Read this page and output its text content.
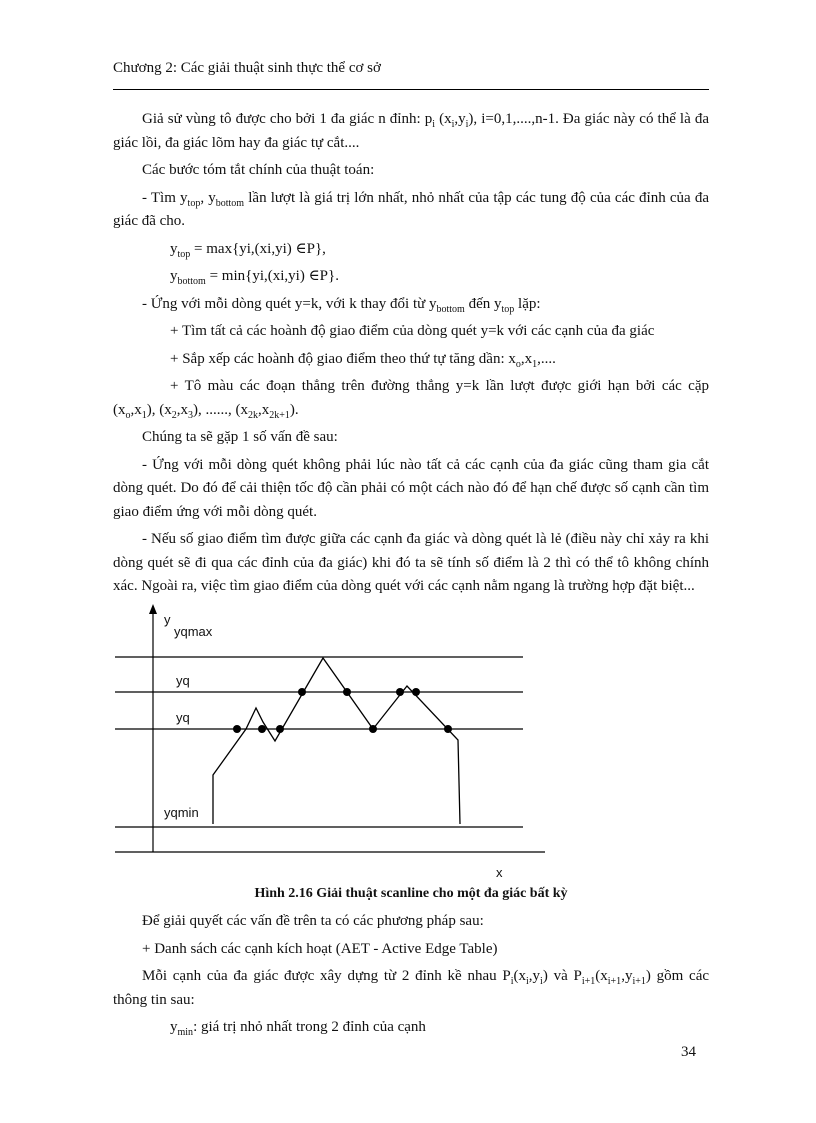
Chương 2: Các giải thuật sinh thực thể cơ sở

Giả sử vùng tô được cho bởi 1 đa giác n đỉnh: $p_i$ $(x_i,y_i)$, i=0,1,....,n-1. Đa giác này có thể là đa giác lồi, đa giác lõm hay đa giác tự cắt....

Các bước tóm tắt chính của thuật toán:

- Tìm $y_{top}$, $y_{bottom}$ lần lượt là giá trị lớn nhất, nhỏ nhất của tập các tung độ của các đỉnh của đa giác đã cho.

$y_{top} = \max\{yi,(xi,yi)$ ∈P},

$y_{bottom} = \min\{yi,(xi,yi)$ ∈P}.

- Ứng với mỗi dòng quét y=k, với k thay đổi từ $y_{bottom}$ đến $y_{top}$ lặp:

+ Tìm tất cả các hoành độ giao điểm của dòng quét y=k với các cạnh của đa giác

+ Sắp xếp các hoành độ giao điểm theo thứ tự tăng dần: $x_o,x_1$,....

+ Tô màu các đoạn thẳng trên đường thẳng y=k lần lượt được giới hạn bởi các cặp $(x_o,x_1)$, $(x_2,x_3)$, ......, $(x_{2k},x_{2k+1})$.

Chúng ta sẽ gặp 1 số vấn đề sau:

- Ứng với mỗi dòng quét không phải lúc nào tất cả các cạnh của đa giác cũng tham gia cắt dòng quét. Do đó để cải thiện tốc độ cần phải có một cách nào đó để hạn chế được số cạnh cần tìm giao điểm ứng với mỗi dòng quét.

- Nếu số giao điểm tìm được giữa các cạnh đa giác và dòng quét là lẻ (điều này chỉ xảy ra khi dòng quét sẽ đi qua các đỉnh của đa giác) khi đó ta sẽ tính số điểm là 2 thì có thể tô không chính xác. Ngoài ra, việc tìm giao điểm của dòng quét với các cạnh nằm ngang là trường hợp đặt biệt...

y
yqmax
yq
yq
yqmin
x
Hình 2.16 Giải thuật scanline cho một đa giác bất kỳ

Để giải quyết các vấn đề trên ta có các phương pháp sau:

+ Danh sách các cạnh kích hoạt (AET - Active Edge Table)

Mỗi cạnh của đa giác được xây dựng từ 2 đỉnh kề nhau $P_i(x_i,y_i)$ và $P_{i+1}(x_{i+1},y_{i+1})$ gồm các thông tin sau:

$y_{min}$: giá trị nhỏ nhất trong 2 đỉnh của cạnh

34
